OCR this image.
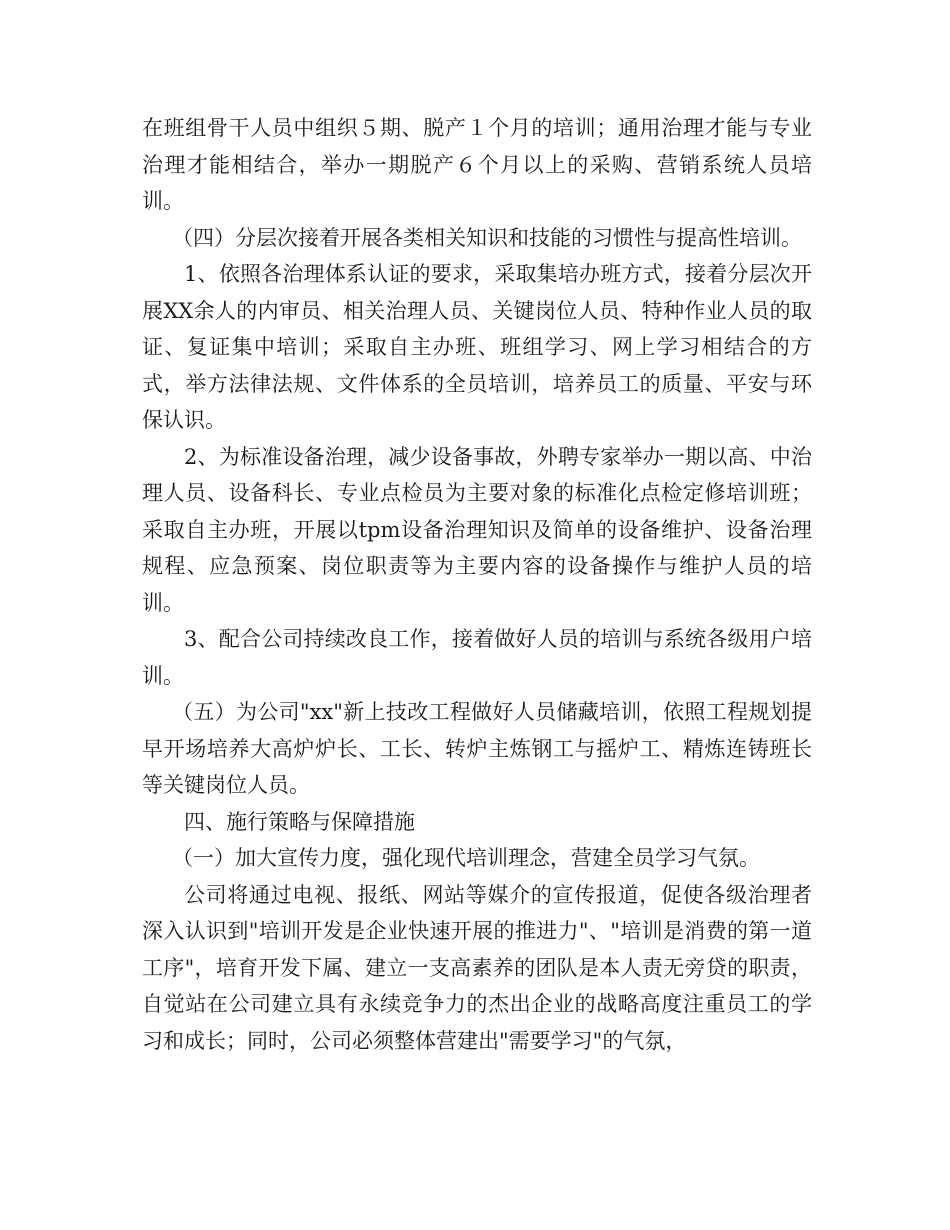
在班组骨干人员中组织５期、脱产１个月的培训；通用治理才能与专业治理才能相结合，举办一期脱产６个月以上的采购、营销系统人员培训。

（四）分层次接着开展各类相关知识和技能的习惯性与提高性培训。

1、依照各治理体系认证的要求，采取集培办班方式，接着分层次开展XX余人的内审员、相关治理人员、关键岗位人员、特种作业人员的取证、复证集中培训；采取自主办班、班组学习、网上学习相结合的方式，举方法律法规、文件体系的全员培训，培养员工的质量、平安与环保认识。

2、为标准设备治理，减少设备事故，外聘专家举办一期以高、中治理人员、设备科长、专业点检员为主要对象的标准化点检定修培训班；采取自主办班，开展以tpm设备治理知识及简单的设备维护、设备治理规程、应急预案、岗位职责等为主要内容的设备操作与维护人员的培训。

3、配合公司持续改良工作，接着做好人员的培训与系统各级用户培训。

（五）为公司"xx"新上技改工程做好人员储藏培训，依照工程规划提早开场培养大高炉炉长、工长、转炉主炼钢工与摇炉工、精炼连铸班长等关键岗位人员。

四、施行策略与保障措施

（一）加大宣传力度，强化现代培训理念，营建全员学习气氛。

公司将通过电视、报纸、网站等媒介的宣传报道，促使各级治理者深入认识到"培训开发是企业快速开展的推进力"、"培训是消费的第一道工序"，培育开发下属、建立一支高素养的团队是本人责无旁贷的职责，自觉站在公司建立具有永续竞争力的杰出企业的战略高度注重员工的学习和成长；同时，公司必须整体营建出"需要学习"的气氛，
